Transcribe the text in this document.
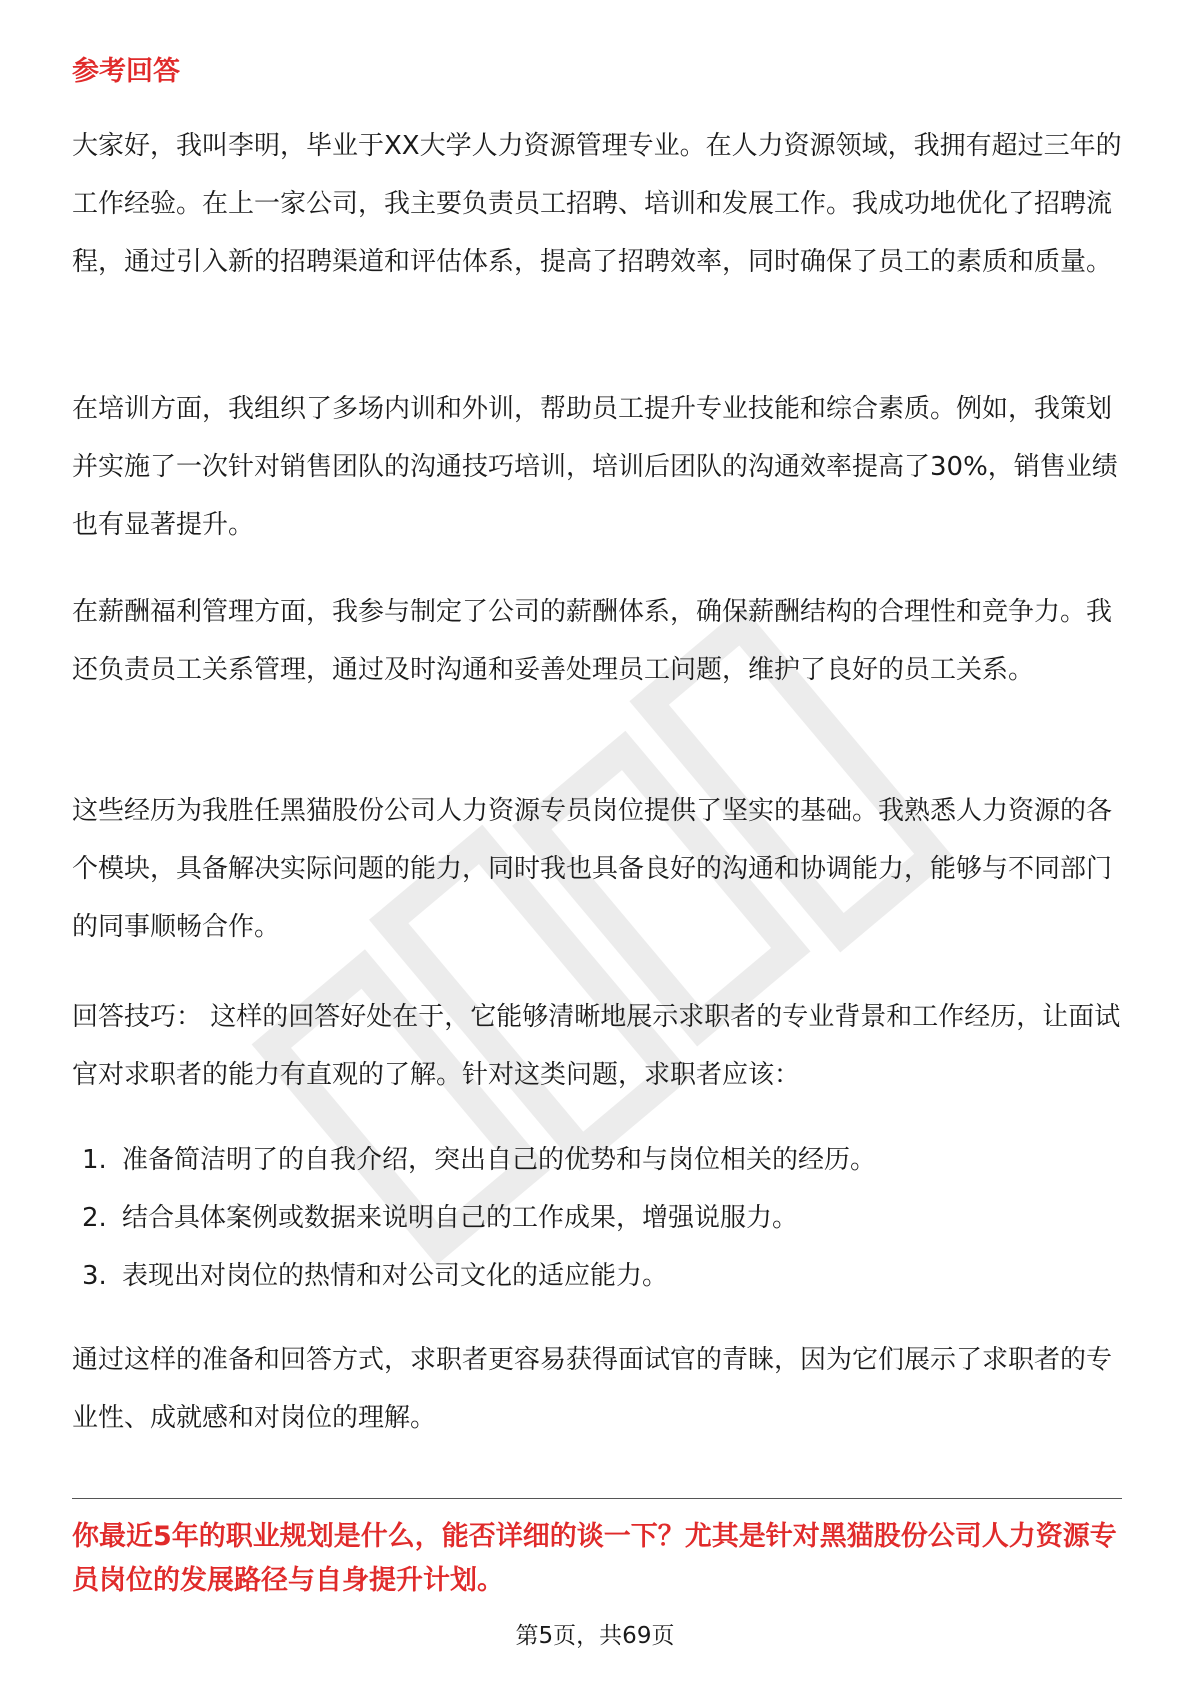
参考回答

大家好，我叫李明，毕业于XX大学人力资源管理专业。在人力资源领域，我拥有超过三年的工作经验。在上一家公司，我主要负责员工招聘、培训和发展工作。我成功地优化了招聘流程，通过引入新的招聘渠道和评估体系，提高了招聘效率，同时确保了员工的素质和质量。

在培训方面，我组织了多场内训和外训，帮助员工提升专业技能和综合素质。例如，我策划并实施了一次针对销售团队的沟通技巧培训，培训后团队的沟通效率提高了30%，销售业绩也有显著提升。

在薪酬福利管理方面，我参与制定了公司的薪酬体系，确保薪酬结构的合理性和竞争力。我还负责员工关系管理，通过及时沟通和妥善处理员工问题，维护了良好的员工关系。

这些经历为我胜任黑猫股份公司人力资源专员岗位提供了坚实的基础。我熟悉人力资源的各个模块，具备解决实际问题的能力，同时我也具备良好的沟通和协调能力，能够与不同部门的同事顺畅合作。

回答技巧： 这样的回答好处在于，它能够清晰地展示求职者的专业背景和工作经历，让面试官对求职者的能力有直观的了解。针对这类问题，求职者应该：

1. 准备简洁明了的自我介绍，突出自己的优势和与岗位相关的经历。
2. 结合具体案例或数据来说明自己的工作成果，增强说服力。
3. 表现出对岗位的热情和对公司文化的适应能力。

通过这样的准备和回答方式，求职者更容易获得面试官的青睐，因为它们展示了求职者的专业性、成就感和对岗位的理解。

你最近5年的职业规划是什么，能否详细的谈一下？尤其是针对黑猫股份公司人力资源专员岗位的发展路径与自身提升计划。

第5页，共69页
